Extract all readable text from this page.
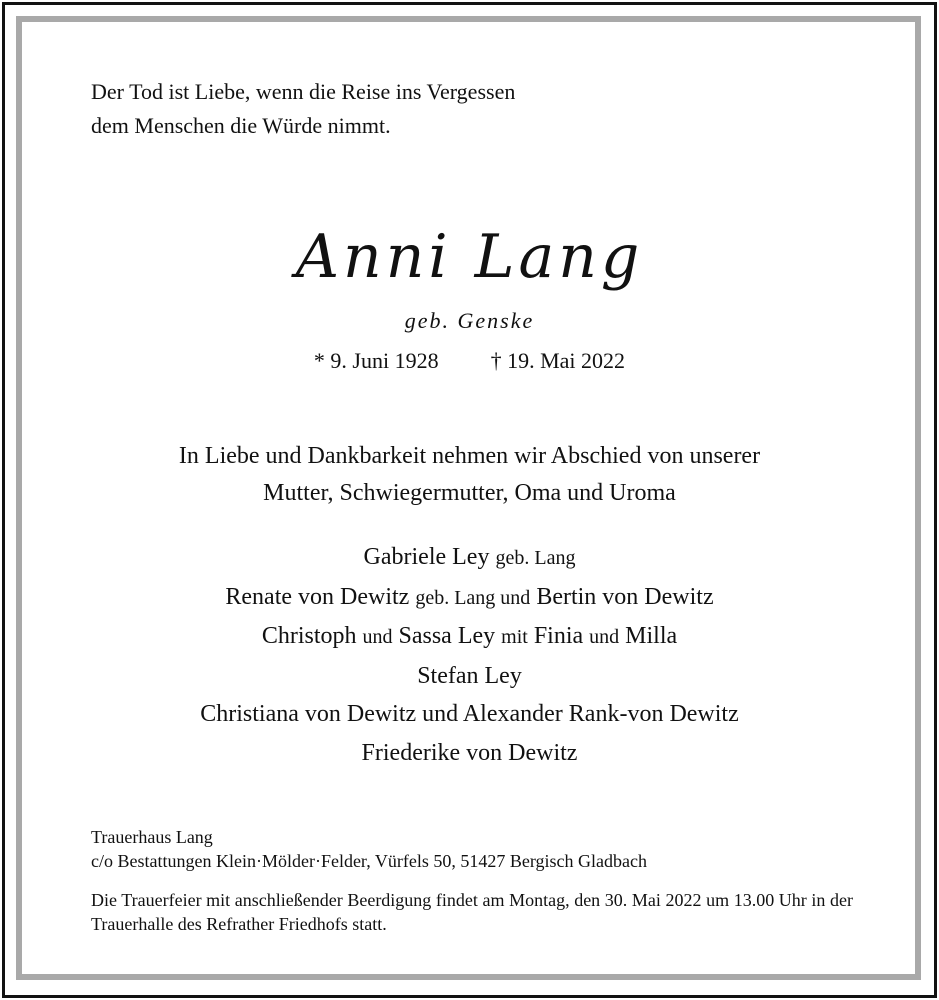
Der Tod ist Liebe, wenn die Reise ins Vergessen
dem Menschen die Würde nimmt.
Anni Lang
geb. Genske
* 9. Juni 1928 † 19. Mai 2022
In Liebe und Dankbarkeit nehmen wir Abschied von unserer
Mutter, Schwiegermutter, Oma und Uroma
Gabriele Ley geb. Lang
Renate von Dewitz geb. Lang und Bertin von Dewitz
Christoph und Sassa Ley mit Finia und Milla
Stefan Ley
Christiana von Dewitz und Alexander Rank-von Dewitz
Friederike von Dewitz
Trauerhaus Lang
c/o Bestattungen Klein·Mölder·Felder, Vürfels 50, 51427 Bergisch Gladbach
Die Trauerfeier mit anschließender Beerdigung findet am Montag, den 30. Mai 2022 um 13.00 Uhr in der Trauerhalle des Refrather Friedhofs statt.
